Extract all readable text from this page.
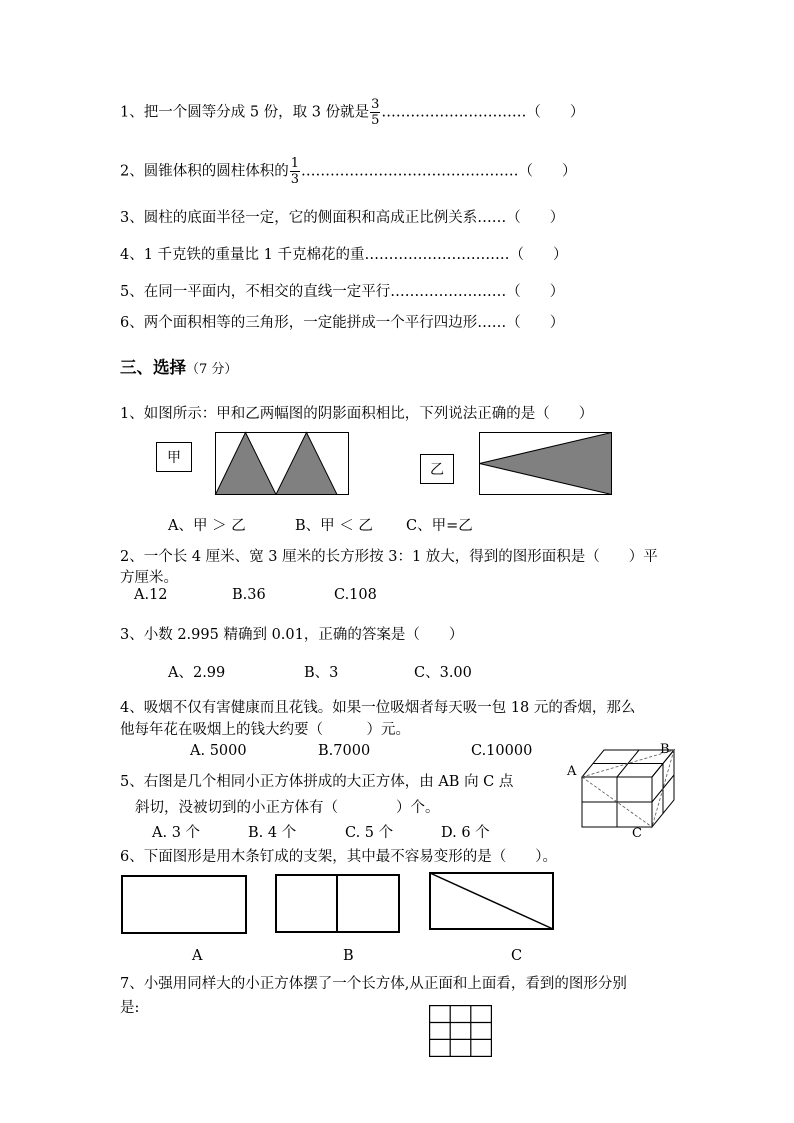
1、把一个圆等分成 5 份，取 3 份就是 $\frac{3}{5}$ …………………………（　　）
2、圆锥体积的圆柱体积的 $\frac{1}{3}$ ………………………………………（　　）
3、圆柱的底面半径一定，它的侧面积和高成正比例关系……（　　）
4、1 千克铁的重量比 1 千克棉花的重…………………………（　　）
5、在同一平面内，不相交的直线一定平行……………………（　　）
6、两个面积相等的三角形，一定能拼成一个平行四边形……（　　）
三、选择（7 分）
1、如图所示：甲和乙两幅图的阴影面积相比，下列说法正确的是（　　）
甲
乙
A、甲 ＞ 乙	B、甲 ＜ 乙 C、甲=乙
2、一个长 4 厘米、宽 3 厘米的长方形按 3：1 放大，得到的图形面积是（　　）平
方厘米。
A.12	B.36	C.108
3、小数 2.995 精确到 0.01，正确的答案是（　　）
A、2.99	B、3	C、3.00
4、吸烟不仅有害健康而且花钱。如果一位吸烟者每天吸一包 18 元的香烟，那么
他每年花在吸烟上的钱大约要（　　　）元。
A. 5000	B.7000	C.10000
5、右图是几个相同小正方体拼成的大正方体，由 AB 向 C 点
斜切，没被切到的小正方体有（　　　　）个。
A. 3 个	B. 4 个	C. 5 个	D. 6 个
A
B
C
6、下面图形是用木条钉成的支架，其中最不容易变形的是（　　）。
A	B	C
7、小强用同样大的小正方体摆了一个长方体,从正面和上面看，看到的图形分别
是:
